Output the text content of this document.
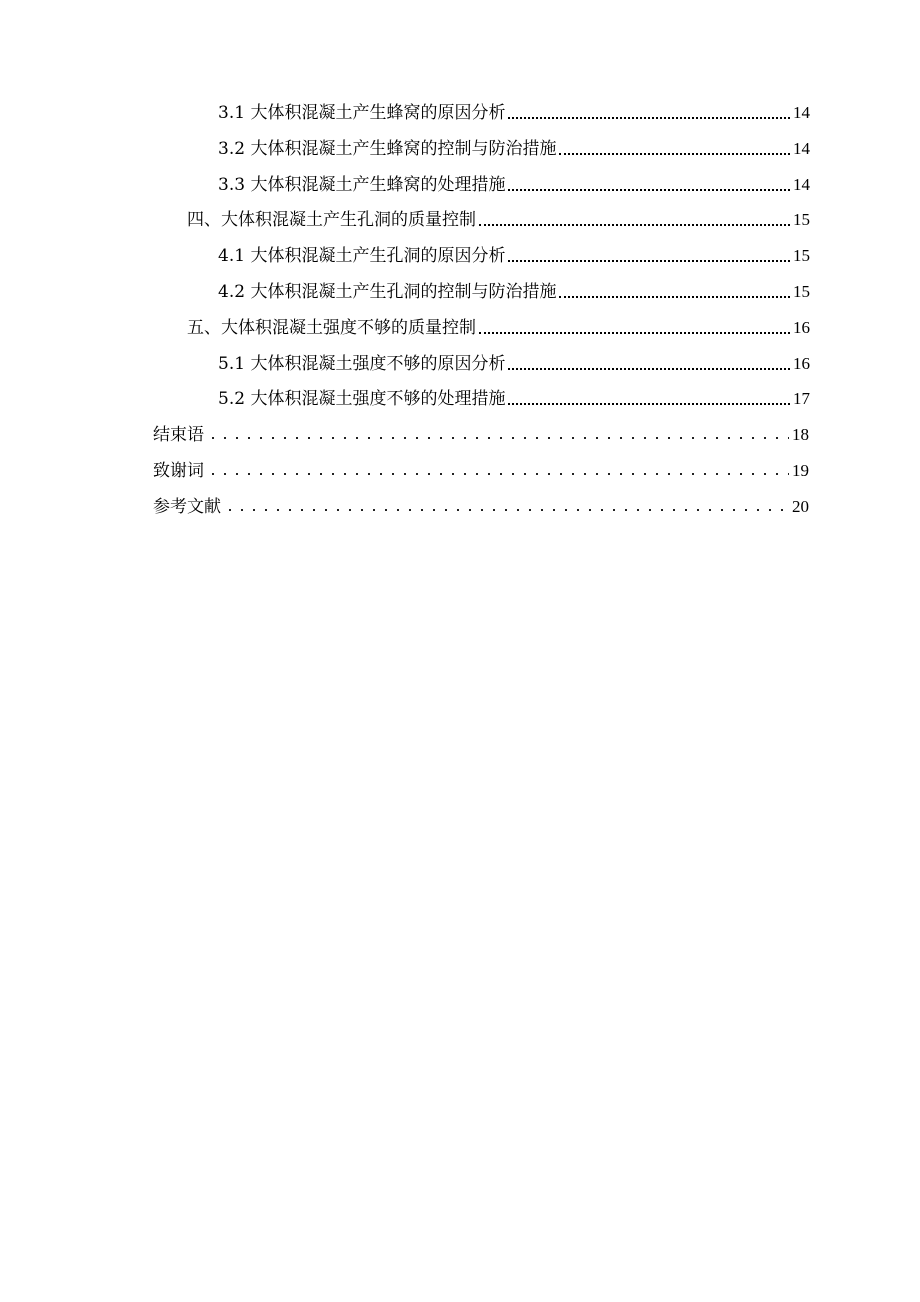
3.1 大体积混凝土产生蜂窝的原因分析	14
3.2 大体积混凝土产生蜂窝的控制与防治措施	14
3.3 大体积混凝土产生蜂窝的处理措施	14
四、大体积混凝土产生孔洞的质量控制	15
4.1 大体积混凝土产生孔洞的原因分析	15
4.2 大体积混凝土产生孔洞的控制与防治措施	15
五、大体积混凝土强度不够的质量控制	16
5.1 大体积混凝土强度不够的原因分析	16
5.2 大体积混凝土强度不够的处理措施	17
结束语	18
致谢词	19
参考文献	20
